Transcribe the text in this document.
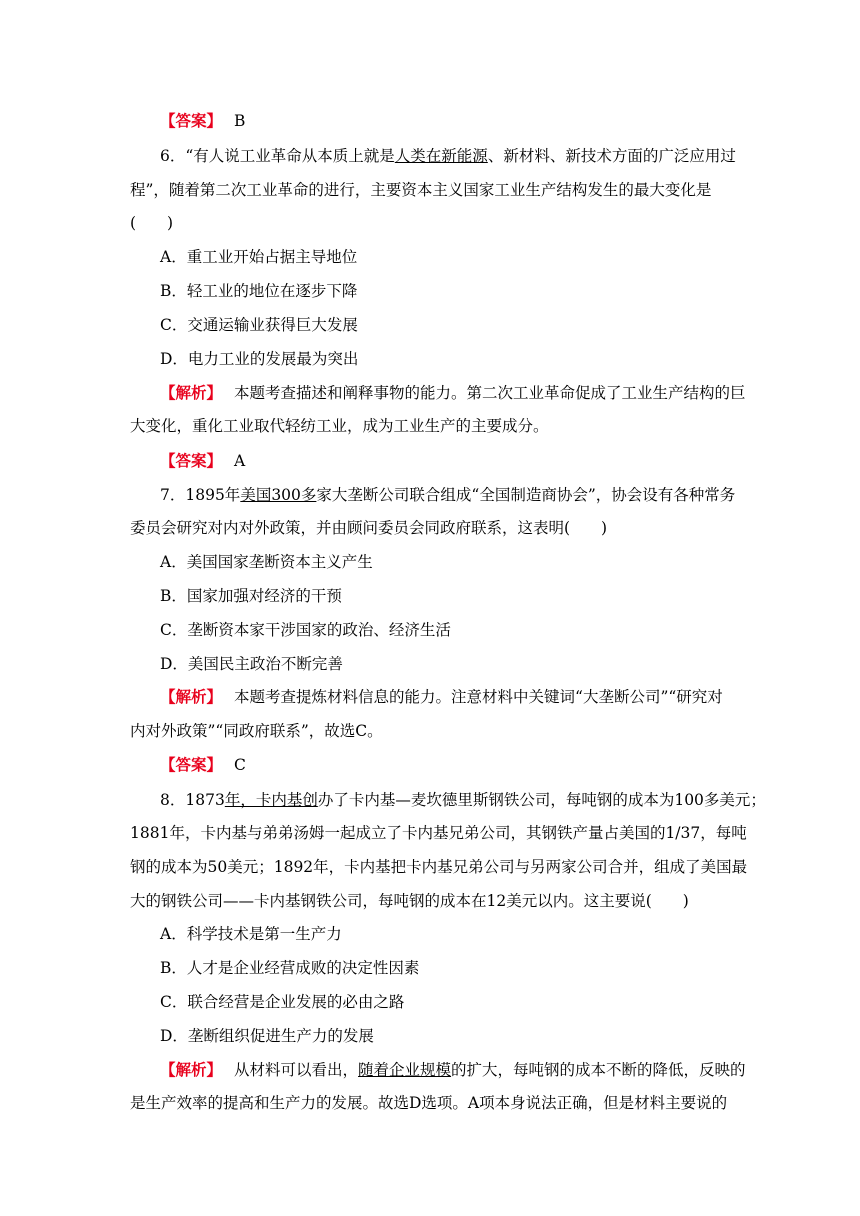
【答案】 B
6．“有人说工业革命从本质上就是人类在新能源、新材料、新技术方面的广泛应用过
程”，随着第二次工业革命的进行，主要资本主义国家工业生产结构发生的最大变化是
(　　)
A．重工业开始占据主导地位
B．轻工业的地位在逐步下降
C．交通运输业获得巨大发展
D．电力工业的发展最为突出
【解析】 本题考查描述和阐释事物的能力。第二次工业革命促成了工业生产结构的巨
大变化，重化工业取代轻纺工业，成为工业生产的主要成分。
【答案】 A
7．1895年美国300多家大垄断公司联合组成“全国制造商协会”，协会设有各种常务
委员会研究对内对外政策，并由顾问委员会同政府联系，这表明(　　)
A．美国国家垄断资本主义产生
B．国家加强对经济的干预
C．垄断资本家干涉国家的政治、经济生活
D．美国民主政治不断完善
【解析】 本题考查提炼材料信息的能力。注意材料中关键词“大垄断公司”“研究对
内对外政策”“同政府联系”，故选C。
【答案】 C
8．1873年，卡内基创办了卡内基—麦坎德里斯钢铁公司，每吨钢的成本为100多美元；
1881年，卡内基与弟弟汤姆一起成立了卡内基兄弟公司，其钢铁产量占美国的1/37，每吨
钢的成本为50美元；1892年，卡内基把卡内基兄弟公司与另两家公司合并，组成了美国最
大的钢铁公司——卡内基钢铁公司，每吨钢的成本在12美元以内。这主要说(　　)
A．科学技术是第一生产力
B．人才是企业经营成败的决定性因素
C．联合经营是企业发展的必由之路
D．垄断组织促进生产力的发展
【解析】 从材料可以看出，随着企业规模的扩大，每吨钢的成本不断的降低，反映的
是生产效率的提高和生产力的发展。故选D选项。A项本身说法正确，但是材料主要说的
